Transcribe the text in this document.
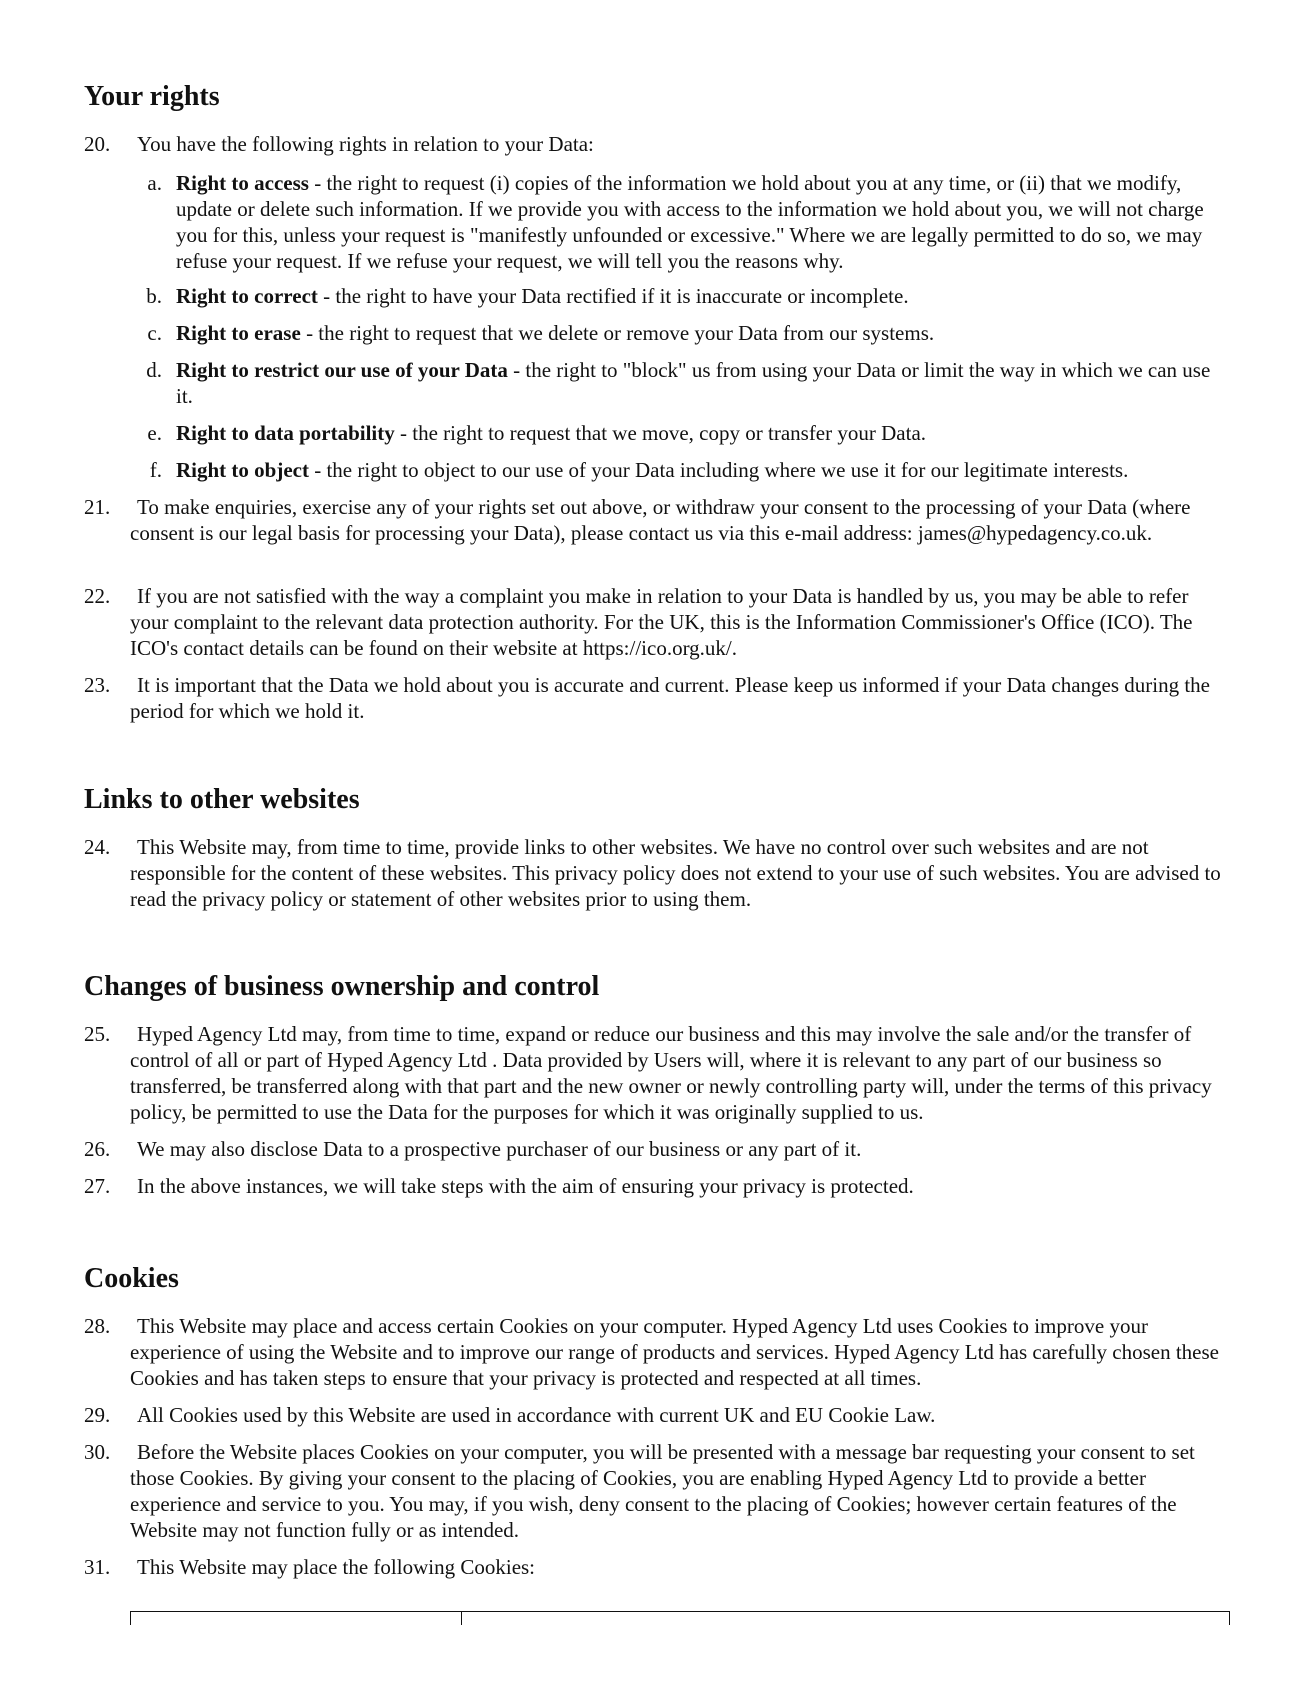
Your rights
20.	You have the following rights in relation to your Data:
a. Right to access - the right to request (i) copies of the information we hold about you at any time, or (ii) that we modify, update or delete such information. If we provide you with access to the information we hold about you, we will not charge you for this, unless your request is "manifestly unfounded or excessive." Where we are legally permitted to do so, we may refuse your request. If we refuse your request, we will tell you the reasons why.
b. Right to correct - the right to have your Data rectified if it is inaccurate or incomplete.
c. Right to erase - the right to request that we delete or remove your Data from our systems.
d. Right to restrict our use of your Data - the right to "block" us from using your Data or limit the way in which we can use it.
e. Right to data portability - the right to request that we move, copy or transfer your Data.
f. Right to object - the right to object to our use of your Data including where we use it for our legitimate interests.
21.	To make enquiries, exercise any of your rights set out above, or withdraw your consent to the processing of your Data (where consent is our legal basis for processing your Data), please contact us via this e-mail address: james@hypedagency.co.uk.
22.	If you are not satisfied with the way a complaint you make in relation to your Data is handled by us, you may be able to refer your complaint to the relevant data protection authority. For the UK, this is the Information Commissioner's Office (ICO). The ICO's contact details can be found on their website at https://ico.org.uk/.
23.	It is important that the Data we hold about you is accurate and current. Please keep us informed if your Data changes during the period for which we hold it.
Links to other websites
24.	This Website may, from time to time, provide links to other websites. We have no control over such websites and are not responsible for the content of these websites. This privacy policy does not extend to your use of such websites. You are advised to read the privacy policy or statement of other websites prior to using them.
Changes of business ownership and control
25.	Hyped Agency Ltd may, from time to time, expand or reduce our business and this may involve the sale and/or the transfer of control of all or part of Hyped Agency Ltd . Data provided by Users will, where it is relevant to any part of our business so transferred, be transferred along with that part and the new owner or newly controlling party will, under the terms of this privacy policy, be permitted to use the Data for the purposes for which it was originally supplied to us.
26.	We may also disclose Data to a prospective purchaser of our business or any part of it.
27.	In the above instances, we will take steps with the aim of ensuring your privacy is protected.
Cookies
28.	This Website may place and access certain Cookies on your computer. Hyped Agency Ltd uses Cookies to improve your experience of using the Website and to improve our range of products and services. Hyped Agency Ltd has carefully chosen these Cookies and has taken steps to ensure that your privacy is protected and respected at all times.
29.	All Cookies used by this Website are used in accordance with current UK and EU Cookie Law.
30.	Before the Website places Cookies on your computer, you will be presented with a message bar requesting your consent to set those Cookies. By giving your consent to the placing of Cookies, you are enabling Hyped Agency Ltd to provide a better experience and service to you. You may, if you wish, deny consent to the placing of Cookies; however certain features of the Website may not function fully or as intended.
31.	This Website may place the following Cookies:
